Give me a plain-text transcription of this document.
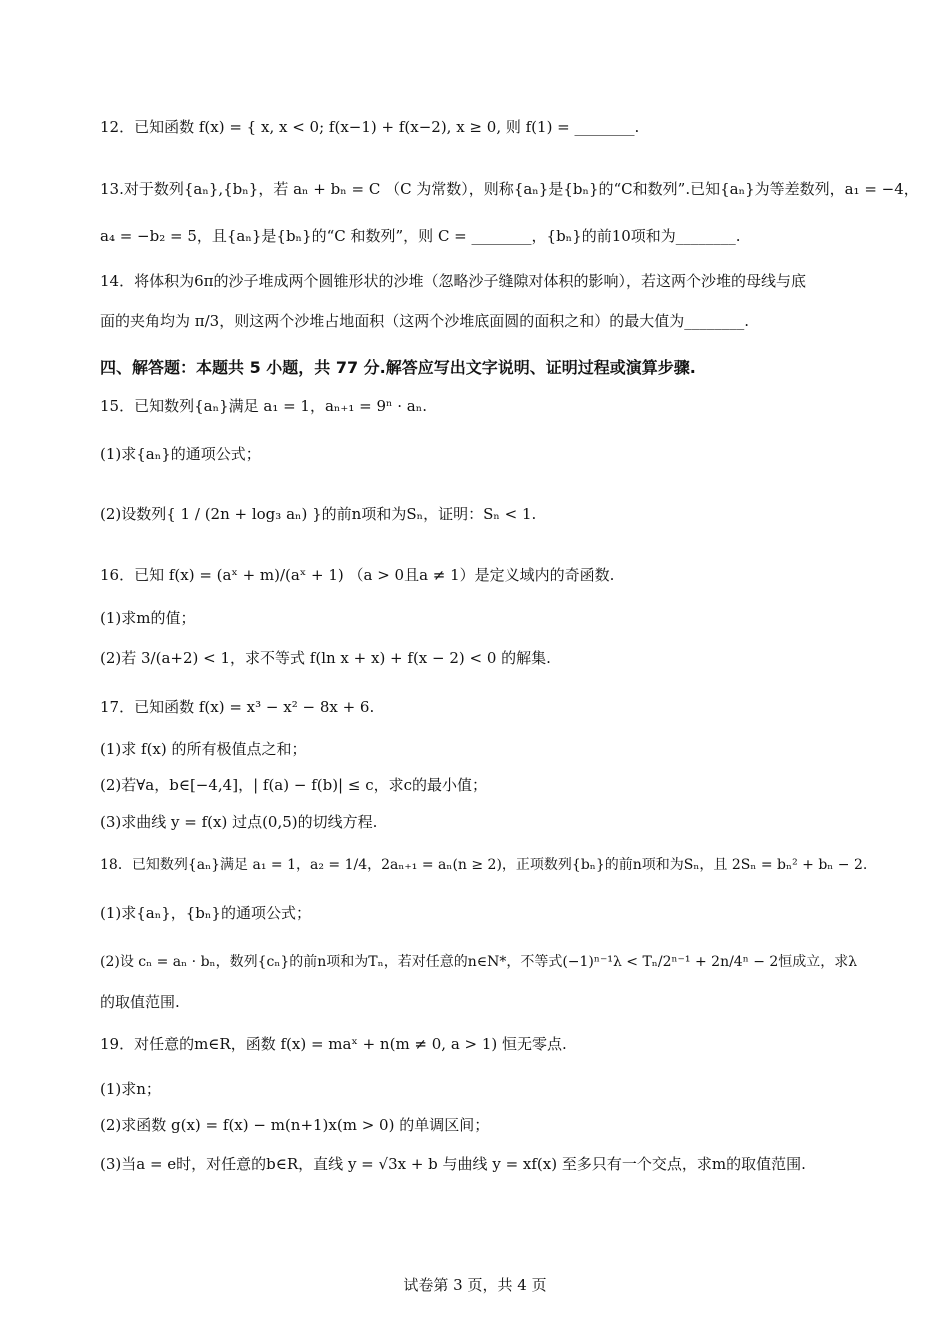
12．已知函数 f(x) = { x, x < 0; f(x−1) + f(x−2), x ≥ 0, 则 f(1) = ________.
13.对于数列{aₙ},{bₙ}，若 aₙ + bₙ = C （C 为常数），则称{aₙ}是{bₙ}的“C和数列”.已知{aₙ}为等差数列，a₁ = −4，
a₄ = −b₂ = 5，且{aₙ}是{bₙ}的“C 和数列”，则 C = ________，{bₙ}的前10项和为________.
14．将体积为6π的沙子堆成两个圆锥形状的沙堆（忽略沙子缝隙对体积的影响），若这两个沙堆的母线与底
面的夹角均为 π/3，则这两个沙堆占地面积（这两个沙堆底面圆的面积之和）的最大值为________.
四、解答题：本题共 5 小题，共 77 分.解答应写出文字说明、证明过程或演算步骤.
15．已知数列{aₙ}满足 a₁ = 1，aₙ₊₁ = 9ⁿ · aₙ.
(1)求{aₙ}的通项公式；
(2)设数列{ 1 / (2n + log₃ aₙ) }的前n项和为Sₙ，证明：Sₙ < 1.
16．已知 f(x) = (aˣ + m)/(aˣ + 1) （a > 0且a ≠ 1）是定义域内的奇函数.
(1)求m的值；
(2)若 3/(a+2) < 1，求不等式 f(ln x + x) + f(x − 2) < 0 的解集.
17．已知函数 f(x) = x³ − x² − 8x + 6.
(1)求 f(x) 的所有极值点之和；
(2)若∀a，b∈[−4,4]，| f(a) − f(b)| ≤ c，求c的最小值；
(3)求曲线 y = f(x) 过点(0,5)的切线方程.
18．已知数列{aₙ}满足 a₁ = 1，a₂ = 1/4，2aₙ₊₁ = aₙ(n ≥ 2)，正项数列{bₙ}的前n项和为Sₙ，且 2Sₙ = bₙ² + bₙ − 2.
(1)求{aₙ}，{bₙ}的通项公式；
(2)设 cₙ = aₙ · bₙ，数列{cₙ}的前n项和为Tₙ，若对任意的n∈N*，不等式(−1)ⁿ⁻¹λ < Tₙ/2ⁿ⁻¹ + 2n/4ⁿ − 2恒成立，求λ
的取值范围.
19．对任意的m∈R，函数 f(x) = maˣ + n(m ≠ 0, a > 1) 恒无零点.
(1)求n；
(2)求函数 g(x) = f(x) − m(n+1)x(m > 0) 的单调区间；
(3)当a = e时，对任意的b∈R，直线 y = √3x + b 与曲线 y = xf(x) 至多只有一个交点，求m的取值范围.
试卷第 3 页，共 4 页
